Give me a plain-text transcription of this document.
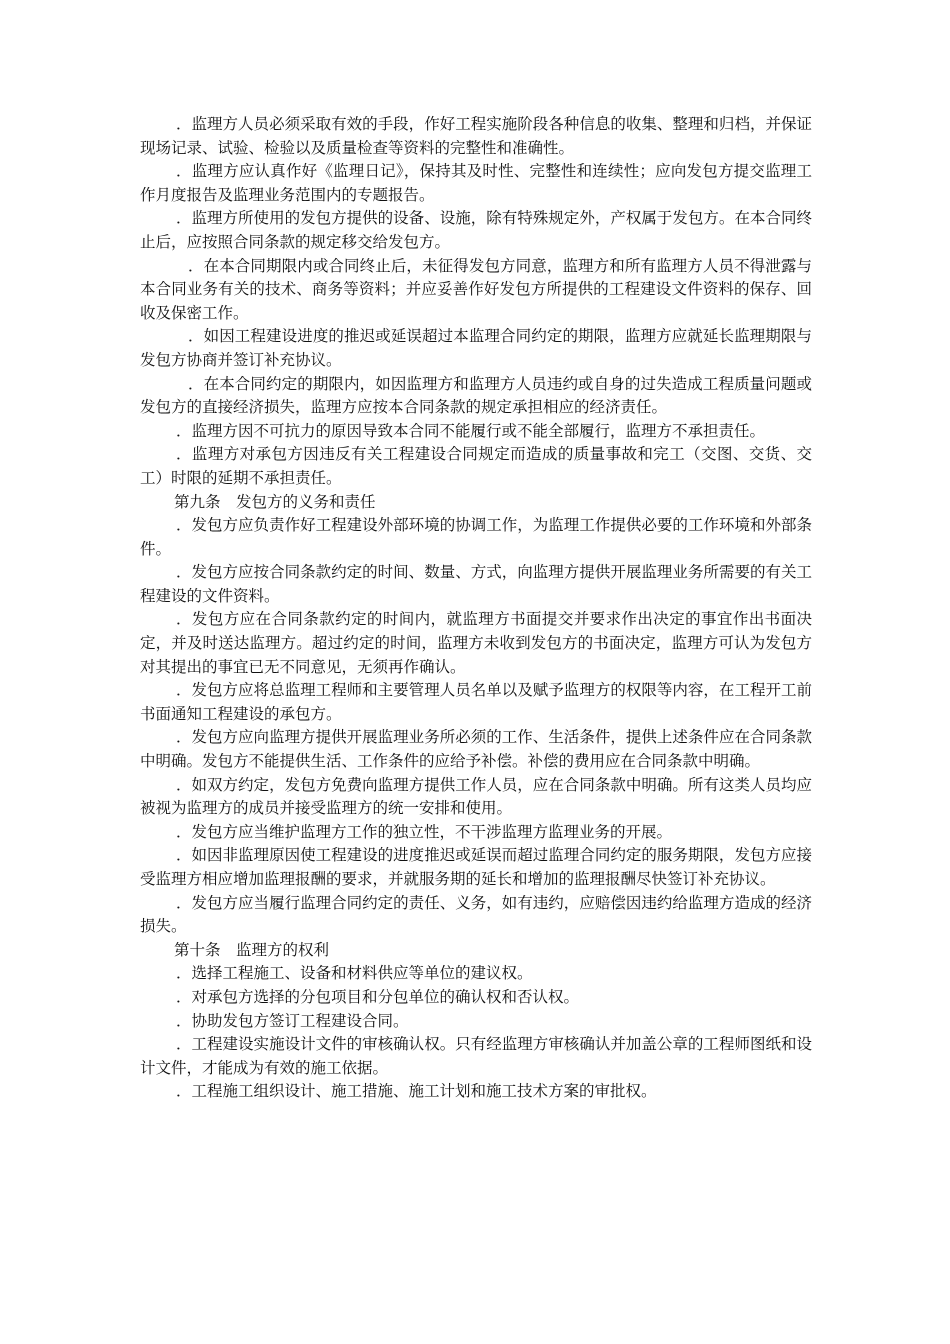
．监理方人员必须采取有效的手段，作好工程实施阶段各种信息的收集、整理和归档，并保证现场记录、试验、检验以及质量检查等资料的完整性和准确性。

．监理方应认真作好《监理日记》，保持其及时性、完整性和连续性；应向发包方提交监理工作月度报告及监理业务范围内的专题报告。

．监理方所使用的发包方提供的设备、设施，除有特殊规定外，产权属于发包方。在本合同终止后，应按照合同条款的规定移交给发包方。

．在本合同期限内或合同终止后，未征得发包方同意，监理方和所有监理方人员不得泄露与本合同业务有关的技术、商务等资料；并应妥善作好发包方所提供的工程建设文件资料的保存、回收及保密工作。

．如因工程建设进度的推迟或延误超过本监理合同约定的期限，监理方应就延长监理期限与发包方协商并签订补充协议。

．在本合同约定的期限内，如因监理方和监理方人员违约或自身的过失造成工程质量问题或发包方的直接经济损失，监理方应按本合同条款的规定承担相应的经济责任。

．监理方因不可抗力的原因导致本合同不能履行或不能全部履行，监理方不承担责任。

．监理方对承包方因违反有关工程建设合同规定而造成的质量事故和完工（交图、交货、交工）时限的延期不承担责任。

第九条　发包方的义务和责任

．发包方应负责作好工程建设外部环境的协调工作，为监理工作提供必要的工作环境和外部条件。

．发包方应按合同条款约定的时间、数量、方式，向监理方提供开展监理业务所需要的有关工程建设的文件资料。

．发包方应在合同条款约定的时间内，就监理方书面提交并要求作出决定的事宜作出书面决定，并及时送达监理方。超过约定的时间，监理方未收到发包方的书面决定，监理方可认为发包方对其提出的事宜已无不同意见，无须再作确认。

．发包方应将总监理工程师和主要管理人员名单以及赋予监理方的权限等内容，在工程开工前书面通知工程建设的承包方。

．发包方应向监理方提供开展监理业务所必须的工作、生活条件，提供上述条件应在合同条款中明确。发包方不能提供生活、工作条件的应给予补偿。补偿的费用应在合同条款中明确。

．如双方约定，发包方免费向监理方提供工作人员，应在合同条款中明确。所有这类人员均应被视为监理方的成员并接受监理方的统一安排和使用。

．发包方应当维护监理方工作的独立性，不干涉监理方监理业务的开展。

．如因非监理原因使工程建设的进度推迟或延误而超过监理合同约定的服务期限，发包方应接受监理方相应增加监理报酬的要求，并就服务期的延长和增加的监理报酬尽快签订补充协议。

．发包方应当履行监理合同约定的责任、义务，如有违约，应赔偿因违约给监理方造成的经济损失。

第十条　监理方的权利

．选择工程施工、设备和材料供应等单位的建议权。

．对承包方选择的分包项目和分包单位的确认权和否认权。

．协助发包方签订工程建设合同。

．工程建设实施设计文件的审核确认权。只有经监理方审核确认并加盖公章的工程师图纸和设计文件，才能成为有效的施工依据。

．工程施工组织设计、施工措施、施工计划和施工技术方案的审批权。
